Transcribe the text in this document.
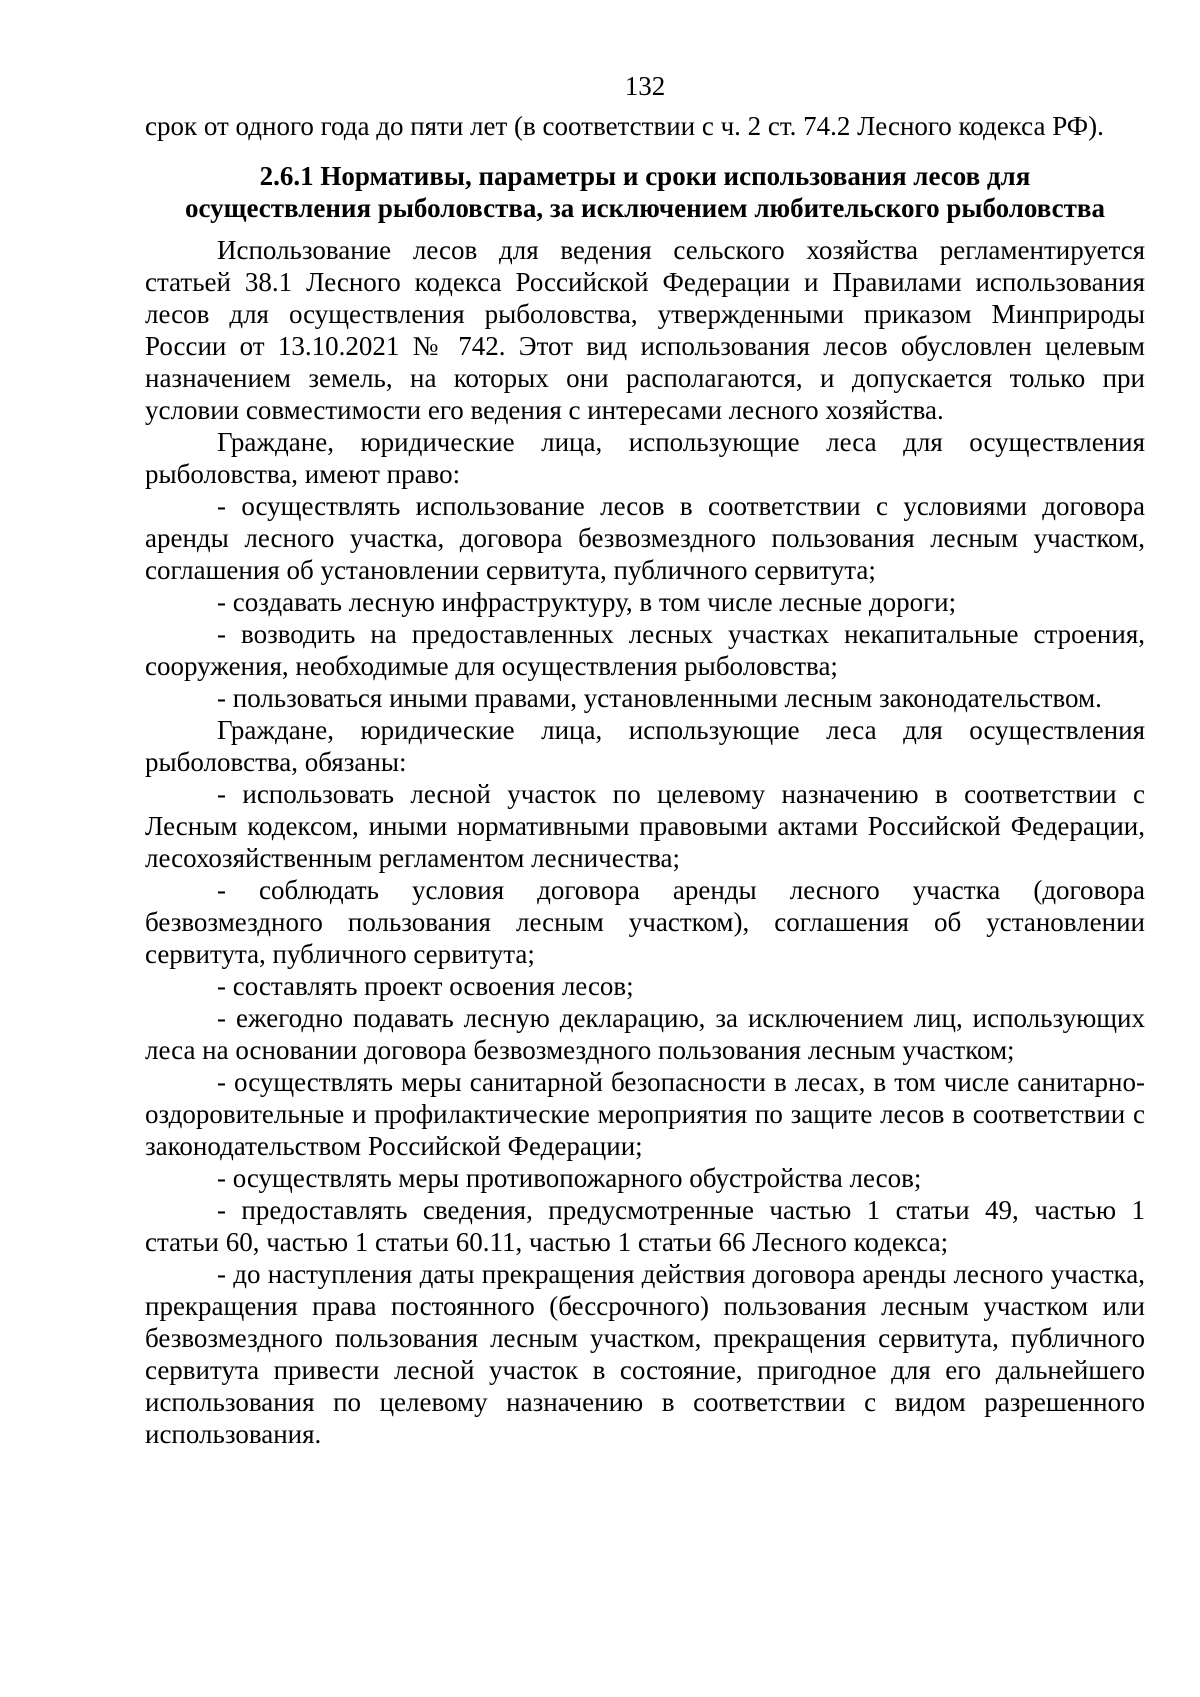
132

срок от одного года до пяти лет (в соответствии с ч. 2 ст. 74.2 Лесного кодекса РФ).

2.6.1 Нормативы, параметры и сроки использования лесов для
осуществления рыболовства, за исключением любительского рыболовства

Использование лесов для ведения сельского хозяйства регламентируется статьей 38.1 Лесного кодекса Российской Федерации и Правилами использования лесов для осуществления рыболовства, утвержденными приказом Минприроды России от 13.10.2021 № 742. Этот вид использования лесов обусловлен целевым назначением земель, на которых они располагаются, и допускается только при условии совместимости его ведения с интересами лесного хозяйства.

Граждане, юридические лица, использующие леса для осуществления рыболовства, имеют право:

- осуществлять использование лесов в соответствии с условиями договора аренды лесного участка, договора безвозмездного пользования лесным участком, соглашения об установлении сервитута, публичного сервитута;

- создавать лесную инфраструктуру, в том числе лесные дороги;

- возводить на предоставленных лесных участках некапитальные строения, сооружения, необходимые для осуществления рыболовства;

- пользоваться иными правами, установленными лесным законодательством.

Граждане, юридические лица, использующие леса для осуществления рыболовства, обязаны:

- использовать лесной участок по целевому назначению в соответствии с Лесным кодексом, иными нормативными правовыми актами Российской Федерации, лесохозяйственным регламентом лесничества;

- соблюдать условия договора аренды лесного участка (договора безвозмездного пользования лесным участком), соглашения об установлении сервитута, публичного сервитута;

- составлять проект освоения лесов;

- ежегодно подавать лесную декларацию, за исключением лиц, использующих леса на основании договора безвозмездного пользования лесным участком;

- осуществлять меры санитарной безопасности в лесах, в том числе санитарно-оздоровительные и профилактические мероприятия по защите лесов в соответствии с законодательством Российской Федерации;

- осуществлять меры противопожарного обустройства лесов;

- предоставлять сведения, предусмотренные частью 1 статьи 49, частью 1 статьи 60, частью 1 статьи 60.11, частью 1 статьи 66 Лесного кодекса;

- до наступления даты прекращения действия договора аренды лесного участка, прекращения права постоянного (бессрочного) пользования лесным участком или безвозмездного пользования лесным участком, прекращения сервитута, публичного сервитута привести лесной участок в состояние, пригодное для его дальнейшего использования по целевому назначению в соответствии с видом разрешенного использования.
